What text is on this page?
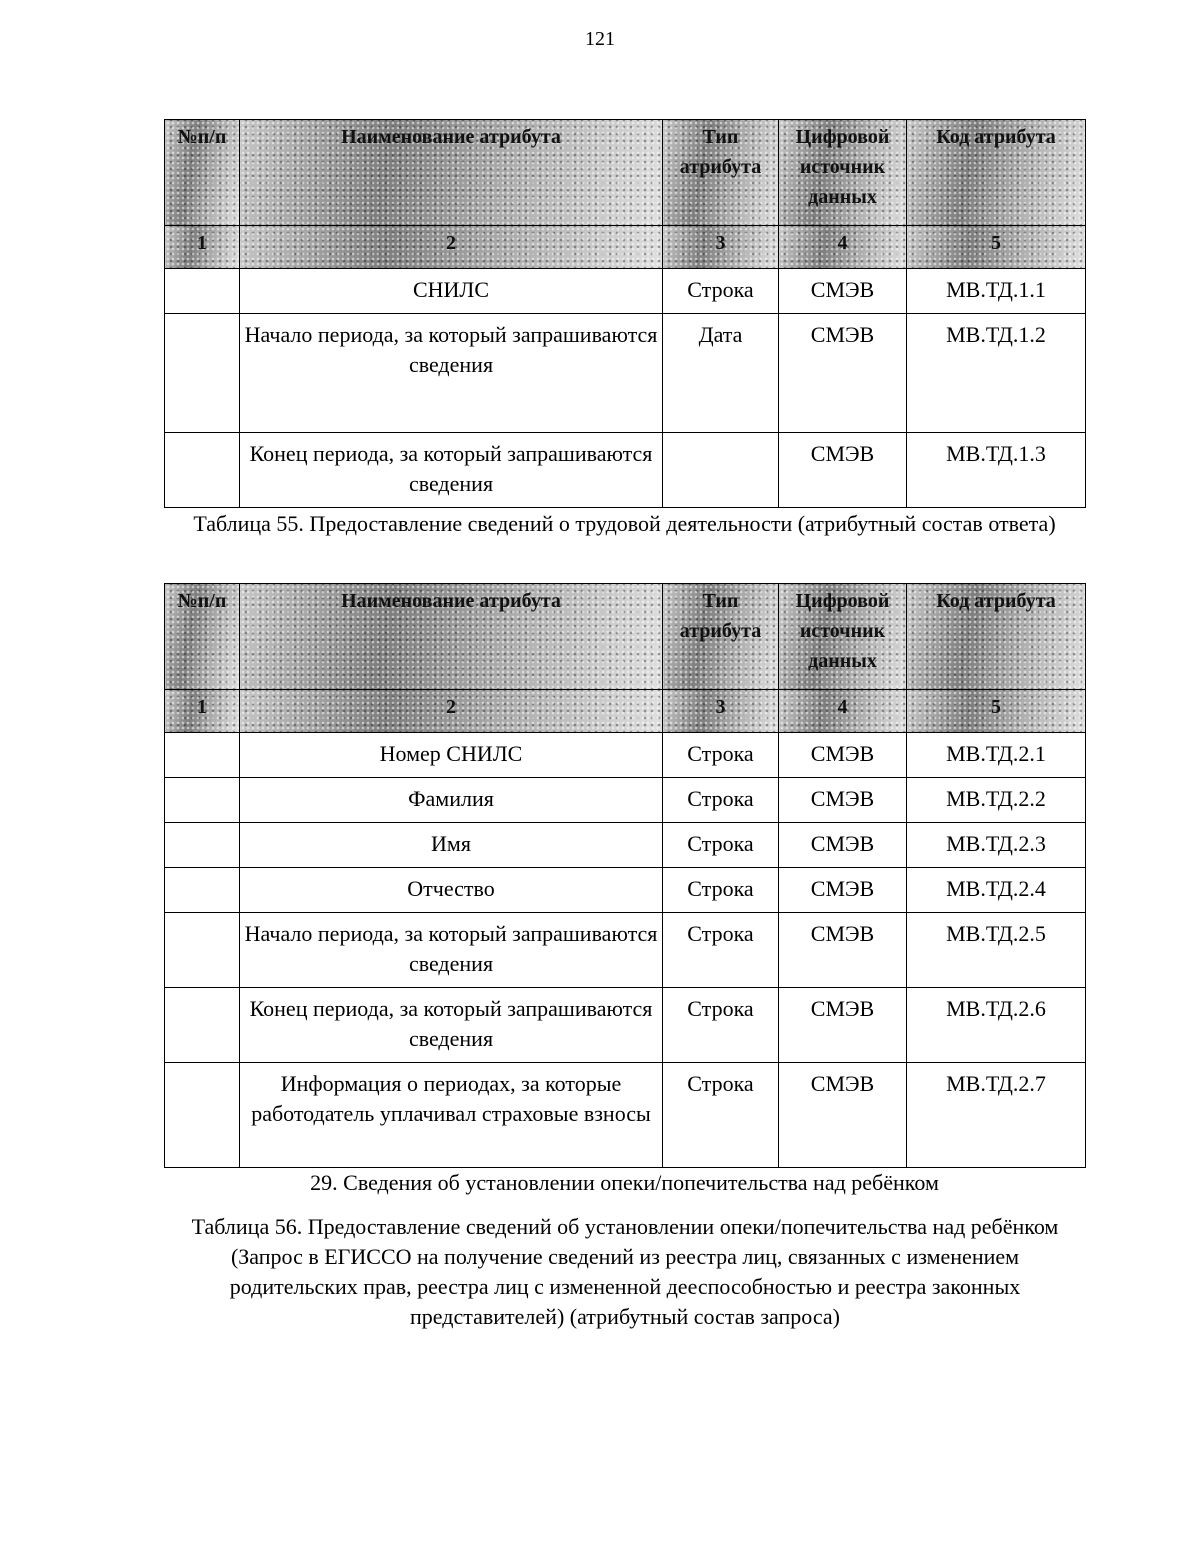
121
№п/п	Наименование атрибута	Тип атрибута	Цифровой источник данных	Код атрибута
1	2	3	4	5
	СНИЛС	Строка	СМЭВ	МВ.ТД.1.1
	Начало периода, за который запрашиваются сведения	Дата	СМЭВ	МВ.ТД.1.2
	Конец периода, за который запрашиваются сведения		СМЭВ	МВ.ТД.1.3
Таблица 55. Предоставление сведений о трудовой деятельности (атрибутный состав ответа)
№п/п	Наименование атрибута	Тип атрибута	Цифровой источник данных	Код атрибута
1	2	3	4	5
	Номер СНИЛС	Строка	СМЭВ	МВ.ТД.2.1
	Фамилия	Строка	СМЭВ	МВ.ТД.2.2
	Имя	Строка	СМЭВ	МВ.ТД.2.3
	Отчество	Строка	СМЭВ	МВ.ТД.2.4
	Начало периода, за который запрашиваются сведения	Строка	СМЭВ	МВ.ТД.2.5
	Конец периода, за который запрашиваются сведения	Строка	СМЭВ	МВ.ТД.2.6
	Информация о периодах, за которые работодатель уплачивал страховые взносы	Строка	СМЭВ	МВ.ТД.2.7
29. Сведения об установлении опеки/попечительства над ребёнком
Таблица 56. Предоставление сведений об установлении опеки/попечительства над ребёнком (Запрос в ЕГИССО на получение сведений из реестра лиц, связанных с изменением родительских прав, реестра лиц с измененной дееспособностью и реестра законных представителей) (атрибутный состав запроса)
